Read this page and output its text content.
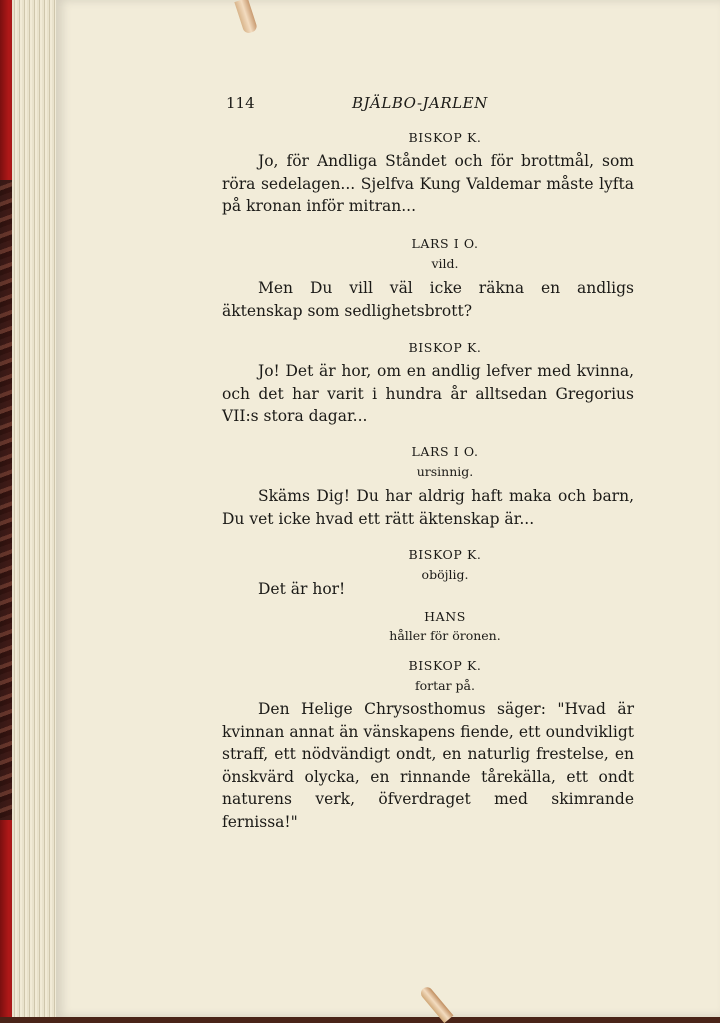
114	BJÄLBO-JARLEN
BISKOP K.
Jo, för Andliga Ståndet och för brottmål, som röra sedelagen... Sjelfva Kung Valdemar måste lyfta på kronan inför mitran...
LARS I O.
vild.
Men Du vill väl icke räkna en andligs äktenskap som sedlighetsbrott?
BISKOP K.
Jo! Det är hor, om en andlig lefver med kvinna, och det har varit i hundra år alltsedan Gregorius VII:s stora dagar...
LARS I O.
ursinnig.
Skäms Dig! Du har aldrig haft maka och barn, Du vet icke hvad ett rätt äktenskap är...
BISKOP K.
oböjlig.
Det är hor!
HANS
håller för öronen.
BISKOP K.
fortar på.
Den Helige Chrysosthomus säger: "Hvad är kvinnan annat än vänskapens fiende, ett oundvikligt straff, ett nödvändigt ondt, en naturlig frestelse, en önskvärd olycka, en rinnande tårekälla, ett ondt naturens verk, öfverdraget med skimrande fernissa!"
